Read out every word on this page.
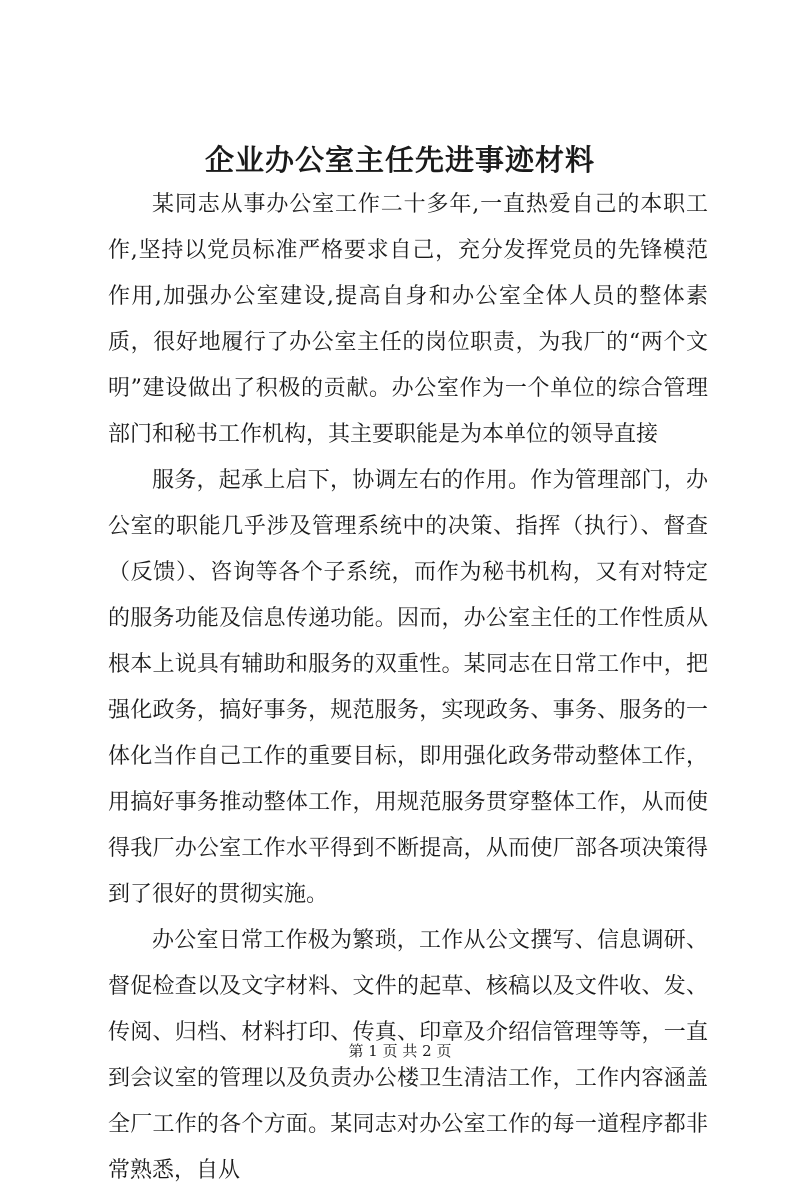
企业办公室主任先进事迹材料

某同志从事办公室工作二十多年,一直热爱自己的本职工作,坚持以党员标准严格要求自己，充分发挥党员的先锋模范作用,加强办公室建设,提高自身和办公室全体人员的整体素质，很好地履行了办公室主任的岗位职责，为我厂的“两个文明”建设做出了积极的贡献。办公室作为一个单位的综合管理部门和秘书工作机构，其主要职能是为本单位的领导直接

服务，起承上启下，协调左右的作用。作为管理部门，办公室的职能几乎涉及管理系统中的决策、指挥（执行）、督查（反馈）、咨询等各个子系统，而作为秘书机构，又有对特定的服务功能及信息传递功能。因而，办公室主任的工作性质从根本上说具有辅助和服务的双重性。某同志在日常工作中，把强化政务，搞好事务，规范服务，实现政务、事务、服务的一体化当作自己工作的重要目标，即用强化政务带动整体工作，用搞好事务推动整体工作，用规范服务贯穿整体工作，从而使得我厂办公室工作水平得到不断提高，从而使厂部各项决策得到了很好的贯彻实施。

办公室日常工作极为繁琐，工作从公文撰写、信息调研、督促检查以及文字材料、文件的起草、核稿以及文件收、发、传阅、归档、材料打印、传真、印章及介绍信管理等等，一直到会议室的管理以及负责办公楼卫生清洁工作，工作内容涵盖全厂工作的各个方面。某同志对办公室工作的每一道程序都非常熟悉，自从

第 1 页 共 2 页
